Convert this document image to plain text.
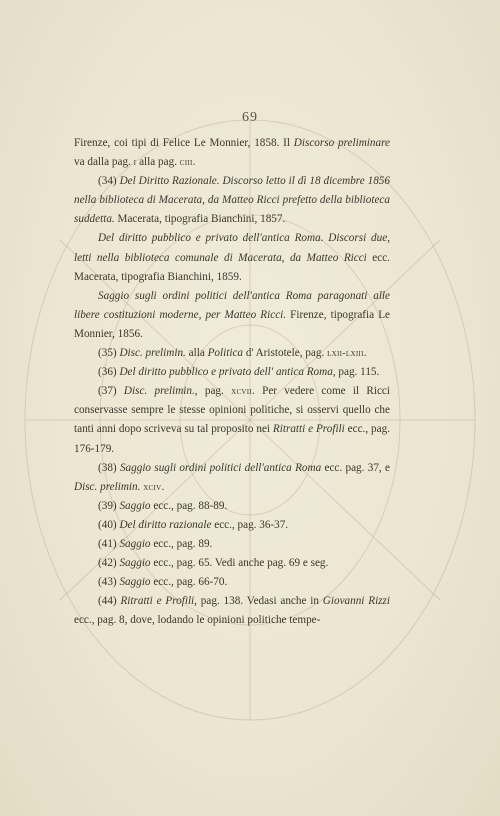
69

Firenze, coi tipi di Felice Le Monnier, 1858. Il Discorso preliminare va dalla pag. i alla pag. ciii.

(34) Del Diritto Razionale. Discorso letto il dì 18 dicembre 1856 nella biblioteca di Macerata, da Matteo Ricci prefetto della biblioteca suddetta. Macerata, tipografia Bianchini, 1857.

Del diritto pubblico e privato dell'antica Roma. Discorsi due, letti nella biblioteca comunale di Macerata, da Matteo Ricci ecc. Macerata, tipografia Bianchini, 1859.

Saggio sugli ordini politici dell'antica Roma paragonati alle libere costituzioni moderne, per Matteo Ricci. Firenze, tipografia Le Monnier, 1856.

(35) Disc. prelimin. alla Politica d' Aristotele, pag. lxii-lxiii.

(36) Del diritto pubblico e privato dell' antica Roma, pag. 115.

(37) Disc. prelimin., pag. xcvii. Per vedere come il Ricci conservasse sempre le stesse opinioni politiche, si osservi quello che tanti anni dopo scriveva su tal proposito nei Ritratti e Profili ecc., pag. 176-179.

(38) Saggio sugli ordini politici dell'antica Roma ecc. pag. 37, e Disc. prelimin. xciv.

(39) Saggio ecc., pag. 88-89.

(40) Del diritto razionale ecc., pag. 36-37.

(41) Saggio ecc., pag. 89.

(42) Saggio ecc., pag. 65. Vedi anche pag. 69 e seg.

(43) Saggio ecc., pag. 66-70.

(44) Ritratti e Profili, pag. 138. Vedasi anche in Giovanni Rizzi ecc., pag. 8, dove, lodando le opinioni politiche tempe-
